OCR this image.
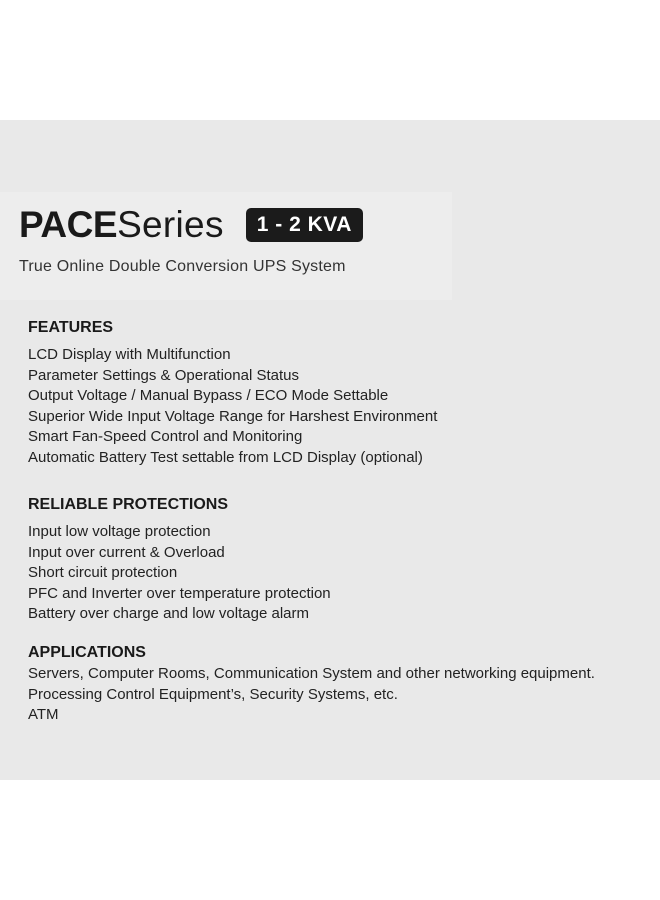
PACE Series	1 - 2 KVA
True Online Double Conversion UPS System
FEATURES
LCD Display with Multifunction
Parameter Settings & Operational Status
Output Voltage / Manual Bypass / ECO Mode Settable
Superior Wide Input Voltage Range for Harshest Environment
Smart Fan-Speed Control and Monitoring
Automatic Battery Test settable from LCD Display (optional)
RELIABLE PROTECTIONS
Input low voltage protection
Input over current & Overload
Short circuit protection
PFC and Inverter over temperature protection
Battery over charge and low voltage alarm
APPLICATIONS
Servers, Computer Rooms, Communication System and other networking equipment.
Processing Control Equipment’s, Security Systems, etc.
ATM
